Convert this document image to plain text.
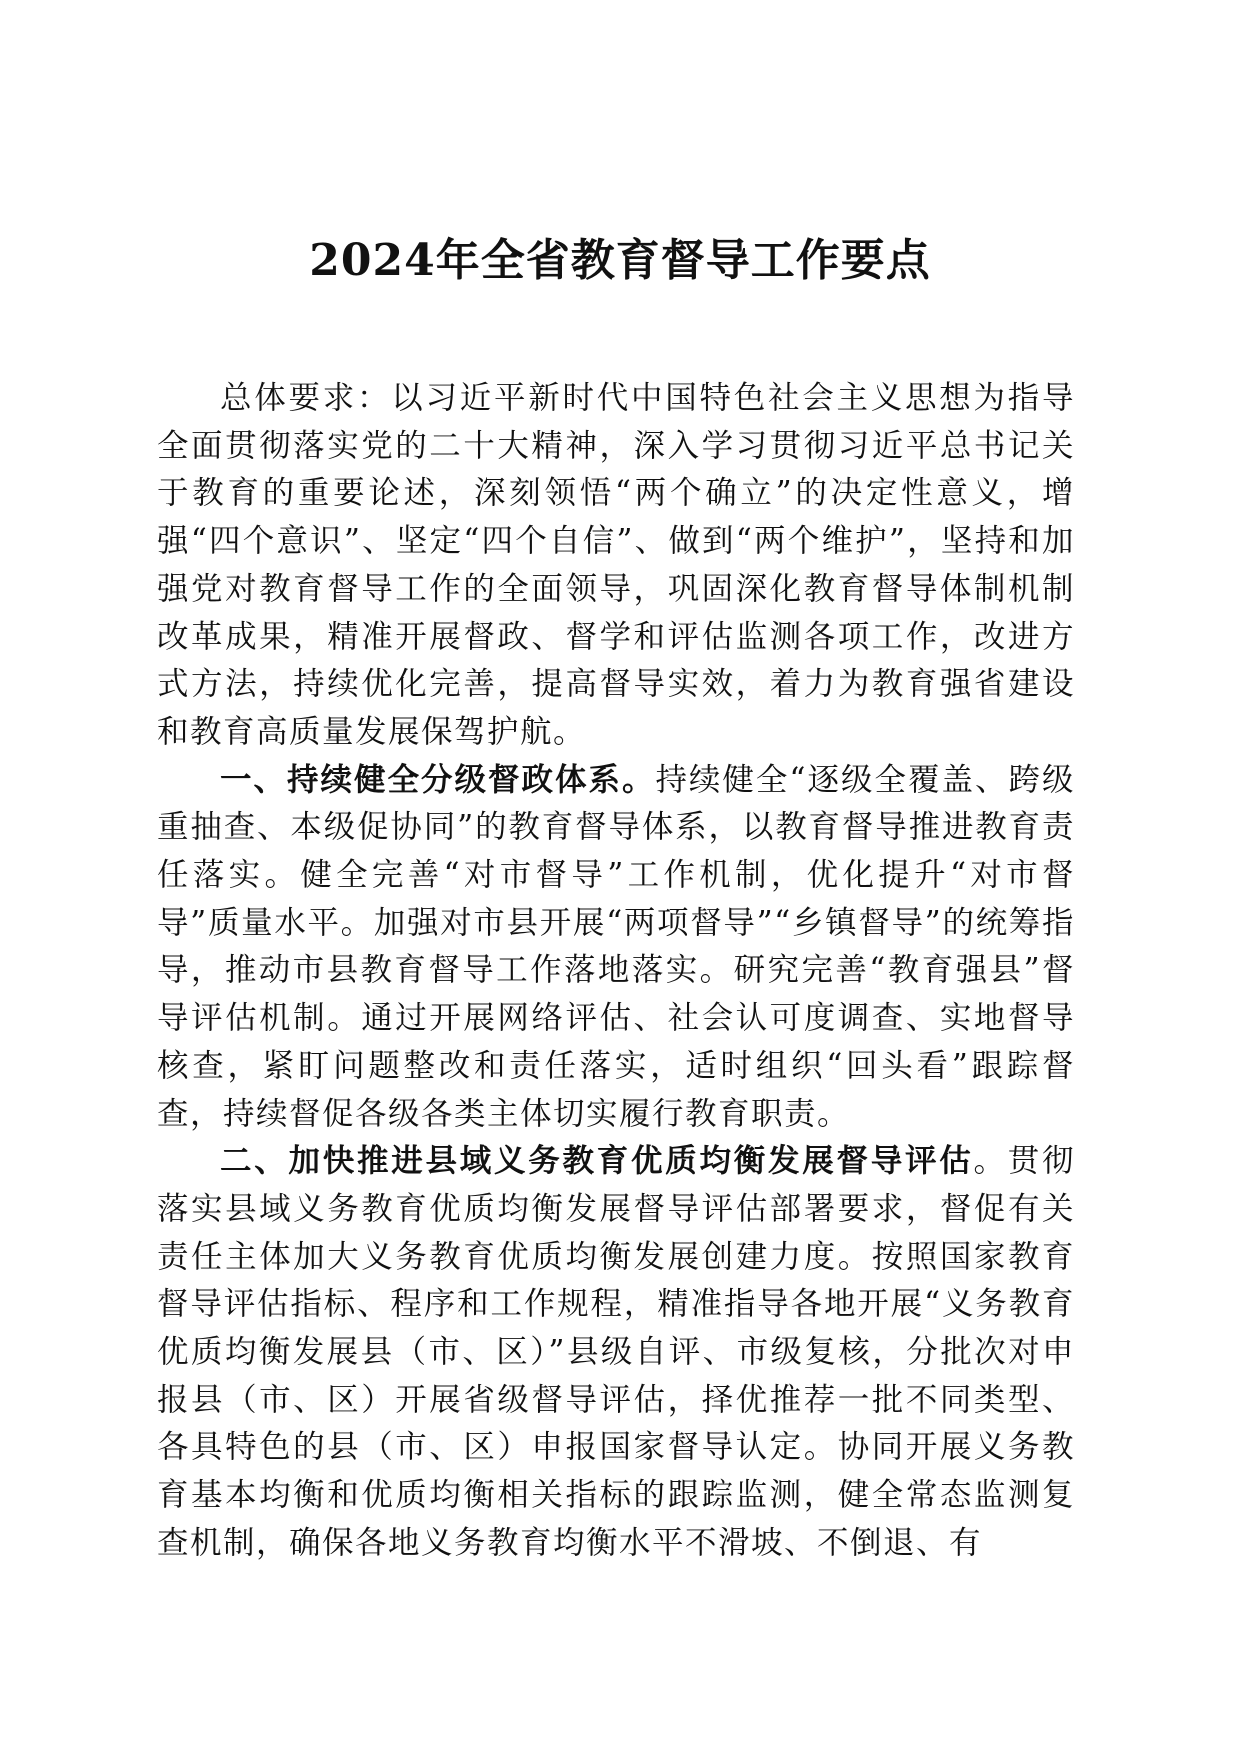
2024年全省教育督导工作要点

总体要求：以习近平新时代中国特色社会主义思想为指导全面贯彻落实党的二十大精神，深入学习贯彻习近平总书记关于教育的重要论述，深刻领悟“两个确立”的决定性意义，增强“四个意识”、坚定“四个自信”、做到“两个维护”，坚持和加强党对教育督导工作的全面领导，巩固深化教育督导体制机制改革成果，精准开展督政、督学和评估监测各项工作，改进方式方法，持续优化完善，提高督导实效，着力为教育强省建设和教育高质量发展保驾护航。

一、持续健全分级督政体系。持续健全“逐级全覆盖、跨级重抽查、本级促协同”的教育督导体系，以教育督导推进教育责任落实。健全完善“对市督导”工作机制，优化提升“对市督导”质量水平。加强对市县开展“两项督导”“乡镇督导”的统筹指导，推动市县教育督导工作落地落实。研究完善“教育强县”督导评估机制。通过开展网络评估、社会认可度调查、实地督导核查，紧盯问题整改和责任落实，适时组织“回头看”跟踪督查，持续督促各级各类主体切实履行教育职责。

二、加快推进县域义务教育优质均衡发展督导评估。贯彻落实县域义务教育优质均衡发展督导评估部署要求，督促有关责任主体加大义务教育优质均衡发展创建力度。按照国家教育督导评估指标、程序和工作规程，精准指导各地开展“义务教育优质均衡发展县（市、区）”县级自评、市级复核，分批次对申报县（市、区）开展省级督导评估，择优推荐一批不同类型、各具特色的县（市、区）申报国家督导认定。协同开展义务教育基本均衡和优质均衡相关指标的跟踪监测，健全常态监测复查机制，确保各地义务教育均衡水平不滑坡、不倒退、有
